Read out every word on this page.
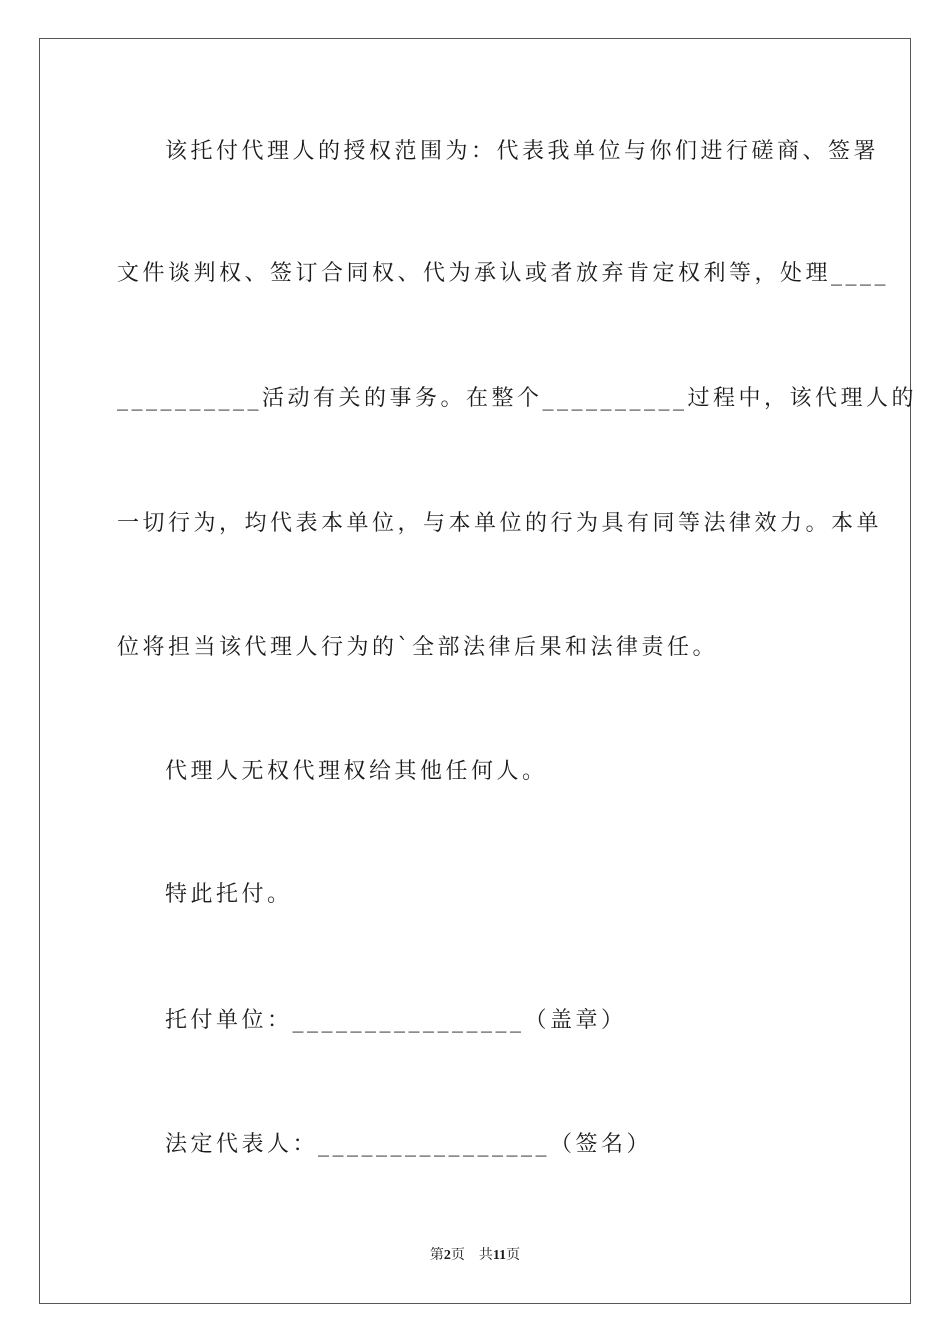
该托付代理人的授权范围为：代表我单位与你们进行磋商、签署
文件谈判权、签订合同权、代为承认或者放弃肯定权利等，处理____
__________活动有关的事务。在整个__________过程中，该代理人的
一切行为，均代表本单位，与本单位的行为具有同等法律效力。本单
位将担当该代理人行为的`全部法律后果和法律责任。
代理人无权代理权给其他任何人。
特此托付。
托付单位：________________（盖章）
法定代表人：________________（签名）
第2页    共11页
